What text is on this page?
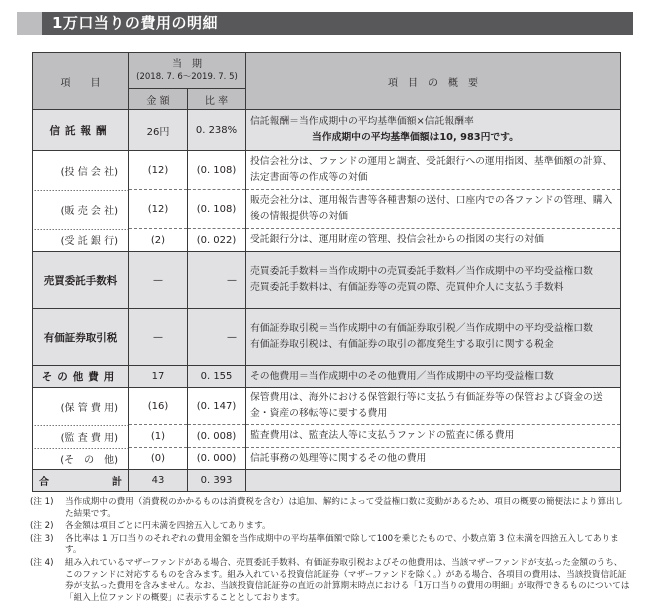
1万口当りの費用の明細
項　　目	当　期
(2018. 7. 6～2019. 7. 5)		項　目　の　概　要
	金 額	比 率	
信託報酬	26円	0. 238%	信託報酬＝当作成期中の平均基準価額×信託報酬率
当作成期中の平均基準価額は10, 983円です。

(投 信 会 社)	(12)	(0. 108)	投信会社分は、ファンドの運用と調査、受託銀行への運用指図、基準価額の計算、法定書面等の作成等の対価
(販 売 会 社)	(12)	(0. 108)	販売会社分は、運用報告書等各種書類の送付、口座内での各ファンドの管理、購入後の情報提供等の対価
(受 託 銀 行)	(2)	(0. 022)	受託銀行分は、運用財産の管理、投信会社からの指図の実行の対価
売買委託手数料	—	—	売買委託手数料＝当作成期中の売買委託手数料／当作成期中の平均受益権口数
売買委託手数料は、有価証券等の売買の際、売買仲介人に支払う手数料

有価証券取引税	—	—	有価証券取引税＝当作成期中の有価証券取引税／当作成期中の平均受益権口数
有価証券取引税は、有価証券の取引の都度発生する取引に関する税金

その他費用	17	0. 155	その他費用＝当作成期中のその他費用／当作成期中の平均受益権口数
(保 管 費 用)	(16)	(0. 147)	保管費用は、海外における保管銀行等に支払う有価証券等の保管および資金の送金・資産の移転等に要する費用
(監 査 費 用)	(1)	(0. 008)	監査費用は、監査法人等に支払うファンドの監査に係る費用
(そ　の　他)	(0)	(0. 000)	信託事務の処理等に関するその他の費用

合 計	43	0. 393	
(注 1)	当作成期中の費用（消費税のかかるものは消費税を含む）は追加、解約によって受益権口数に変動があるため、項目の概要の簡便法により算出した結果です。
(注 2)	各金額は項目ごとに円未満を四捨五入してあります。
(注 3)	各比率は 1 万口当りのそれぞれの費用金額を当作成期中の平均基準価額で除して100を乗じたもので、小数点第 3 位未満を四捨五入してあります。
(注 4)	組み入れているマザーファンドがある場合、売買委託手数料、有価証券取引税およびその他費用は、当該マザーファンドが支払った金額のうち、このファンドに対応するものを含みます。組み入れている投資信託証券（マザーファンドを除く。）がある場合、各項目の費用は、当該投資信託証券が支払った費用を含みません。なお、当該投資信託証券の直近の計算期末時点における「1万口当りの費用の明細」が取得できるものについては「組入上位ファンドの概要」に表示することとしております。
